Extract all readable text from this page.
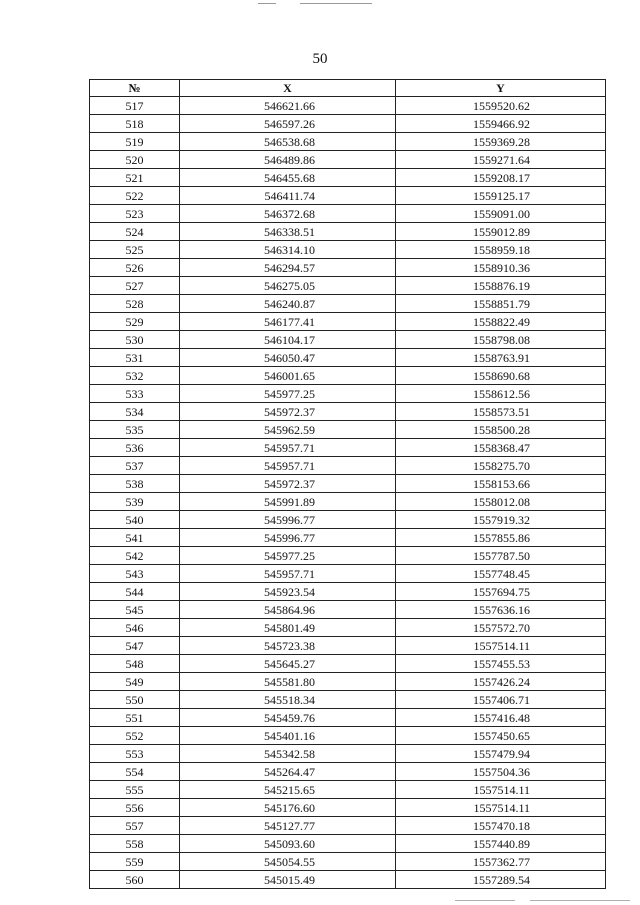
50
№	X	Y
517	546621.66	1559520.62
518	546597.26	1559466.92
519	546538.68	1559369.28
520	546489.86	1559271.64
521	546455.68	1559208.17
522	546411.74	1559125.17
523	546372.68	1559091.00
524	546338.51	1559012.89
525	546314.10	1558959.18
526	546294.57	1558910.36
527	546275.05	1558876.19
528	546240.87	1558851.79
529	546177.41	1558822.49
530	546104.17	1558798.08
531	546050.47	1558763.91
532	546001.65	1558690.68
533	545977.25	1558612.56
534	545972.37	1558573.51
535	545962.59	1558500.28
536	545957.71	1558368.47
537	545957.71	1558275.70
538	545972.37	1558153.66
539	545991.89	1558012.08
540	545996.77	1557919.32
541	545996.77	1557855.86
542	545977.25	1557787.50
543	545957.71	1557748.45
544	545923.54	1557694.75
545	545864.96	1557636.16
546	545801.49	1557572.70
547	545723.38	1557514.11
548	545645.27	1557455.53
549	545581.80	1557426.24
550	545518.34	1557406.71
551	545459.76	1557416.48
552	545401.16	1557450.65
553	545342.58	1557479.94
554	545264.47	1557504.36
555	545215.65	1557514.11
556	545176.60	1557514.11
557	545127.77	1557470.18
558	545093.60	1557440.89
559	545054.55	1557362.77
560	545015.49	1557289.54
